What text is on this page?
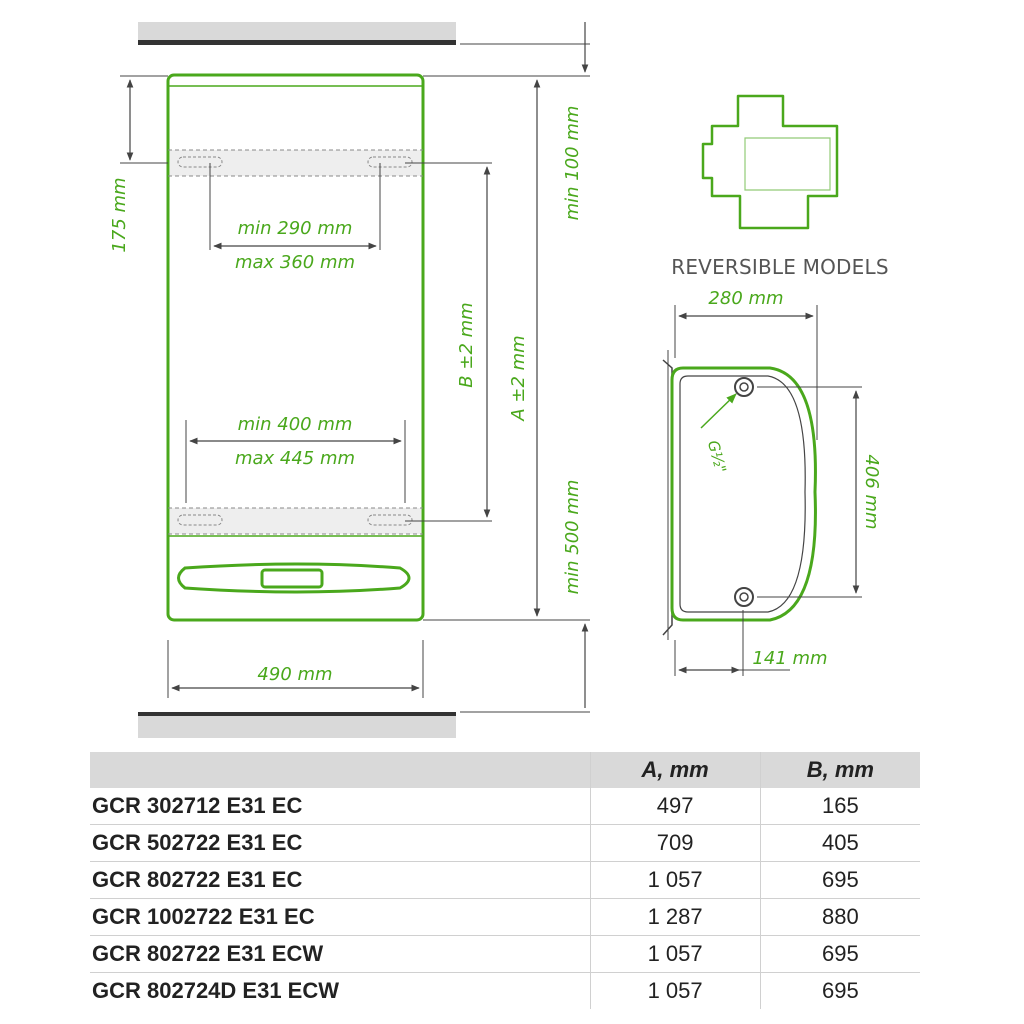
175 mm	min 290 mm
max 360 mm
min 400 mm
max 445 mm
B ±2 mm A ±2 mm
min 100 mm
min 500 mm
490 mm
REVERSIBLE MODELS
280 mm
406 mm
141 mm
G½"
	A, mm	B, mm
GCR 302712 E31 EC	497	165
GCR 502722 E31 EC	709	405
GCR 802722 E31 EC	1 057	695
GCR 1002722 E31 EC	1 287	880
GCR 802722 E31 ECW	1 057	695
GCR 802724D E31 ECW	1 057	695
